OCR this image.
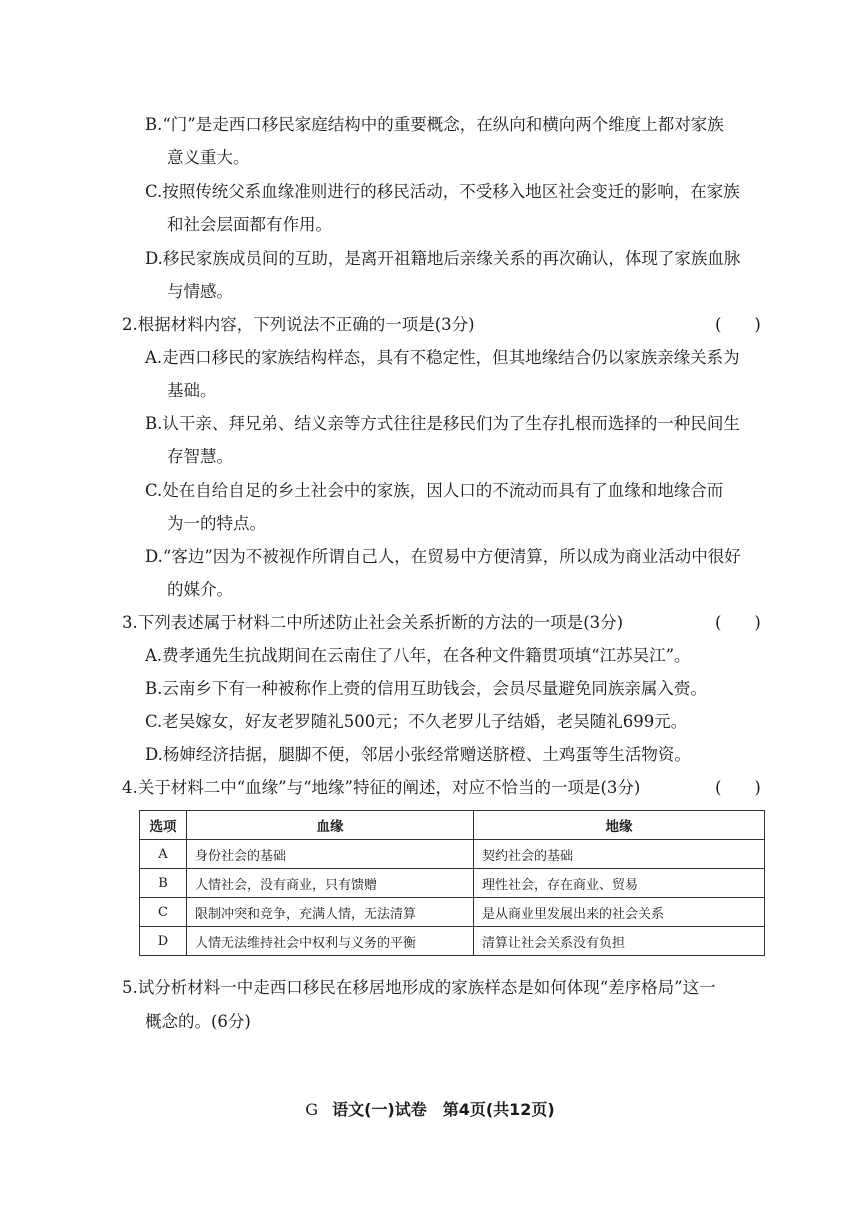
B.“门”是走西口移民家庭结构中的重要概念，在纵向和横向两个维度上都对家族
意义重大。
C.按照传统父系血缘准则进行的移民活动，不受移入地区社会变迁的影响，在家族
和社会层面都有作用。
D.移民家族成员间的互助，是离开祖籍地后亲缘关系的再次确认，体现了家族血脉
与情感。
2.根据材料内容，下列说法不正确的一项是(3分)	(　　)
A.走西口移民的家族结构样态，具有不稳定性，但其地缘结合仍以家族亲缘关系为
基础。
B.认干亲、拜兄弟、结义亲等方式往往是移民们为了生存扎根而选择的一种民间生
存智慧。
C.处在自给自足的乡土社会中的家族，因人口的不流动而具有了血缘和地缘合而
为一的特点。
D.“客边”因为不被视作所谓自己人，在贸易中方便清算，所以成为商业活动中很好
的媒介。
3.下列表述属于材料二中所述防止社会关系折断的方法的一项是(3分)	(　　)
A.费孝通先生抗战期间在云南住了八年，在各种文件籍贯项填“江苏吴江”。
B.云南乡下有一种被称作上赍的信用互助钱会，会员尽量避免同族亲属入赍。
C.老吴嫁女，好友老罗随礼500元；不久老罗儿子结婚，老吴随礼699元。
D.杨婶经济拮据，腿脚不便，邻居小张经常赠送脐橙、土鸡蛋等生活物资。
4.关于材料二中“血缘”与“地缘”特征的阐述，对应不恰当的一项是(3分)	(　　)
选项	血缘	地缘
A	身份社会的基础	契约社会的基础
B	人情社会，没有商业，只有馈赠	理性社会，存在商业、贸易
C	限制冲突和竞争，充满人情，无法清算	是从商业里发展出来的社会关系
D	人情无法维持社会中权利与义务的平衡	清算让社会关系没有负担
5.试分析材料一中走西口移民在移居地形成的家族样态是如何体现“差序格局”这一
概念的。(6分)
G 语文(一)试卷　第4页(共12页)
